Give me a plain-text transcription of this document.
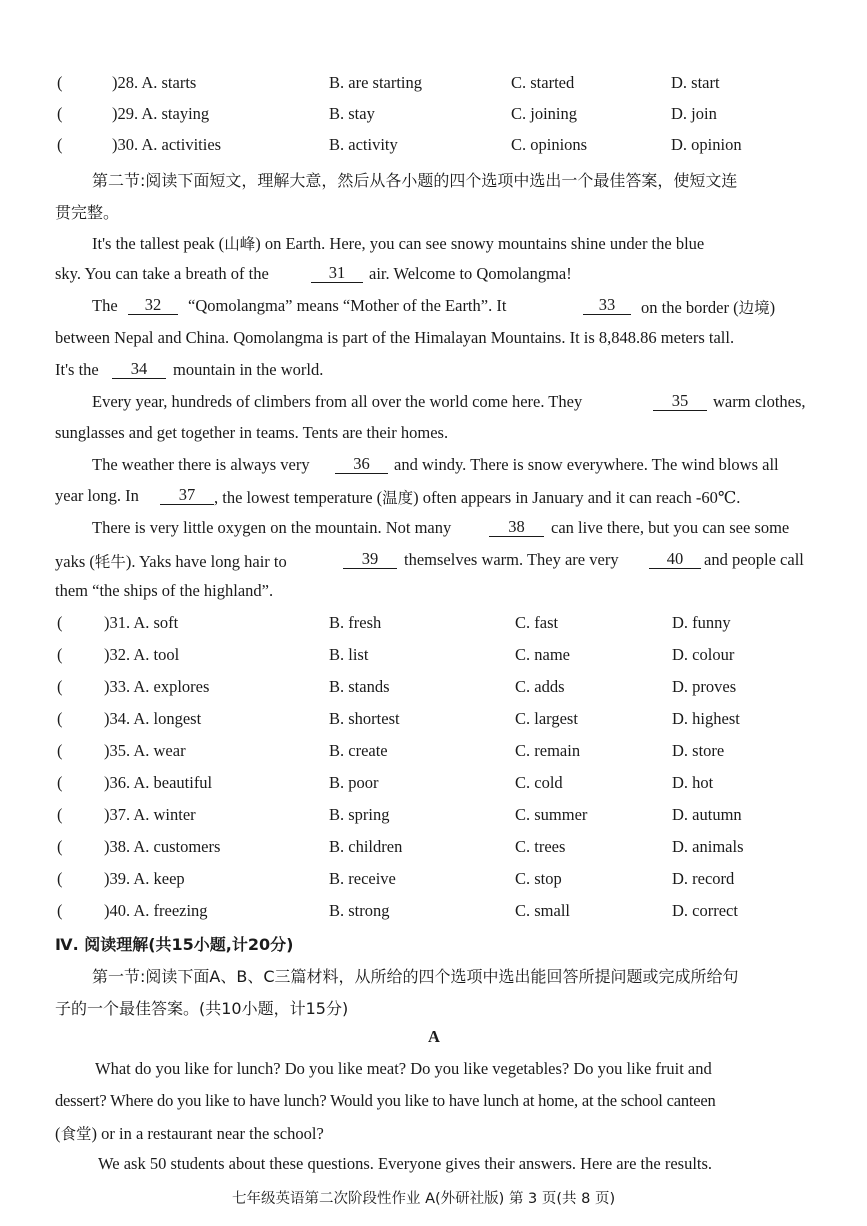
(	)28. A. starts	B. are starting	C. started	D. start
(	)29. A. staying	B. stay	C. joining	D. join
(	)30. A. activities	B. activity	C. opinions	D. opinion
第二节:阅读下面短文，理解大意，然后从各小题的四个选项中选出一个最佳答案，使短文连
贯完整。
It's the tallest peak (山峰) on Earth. Here, you can see snowy mountains shine under the blue
sky. You can take a breath of the	31	air. Welcome to Qomolangma!
The	32	“Qomolangma” means “Mother of the Earth”. It	33	on the border (边境)
between Nepal and China. Qomolangma is part of the Himalayan Mountains. It is 8,848.86 meters tall.
It's the	34	mountain in the world.
Every year, hundreds of climbers from all over the world come here. They	35	warm clothes,
sunglasses and get together in teams. Tents are their homes.
The weather there is always very	36	and windy. There is snow everywhere. The wind blows all
year long. In	37	, the lowest temperature (温度) often appears in January and it can reach -60℃.
There is very little oxygen on the mountain. Not many	38	can live there, but you can see some
yaks (牦牛). Yaks have long hair to	39	themselves warm. They are very	40	and people call
them “the ships of the highland”.
(	)31. A. soft	B. fresh	C. fast	D. funny
(	)32. A. tool	B. list	C. name	D. colour
(	)33. A. explores	B. stands	C. adds	D. proves
(	)34. A. longest	B. shortest	C. largest	D. highest
(	)35. A. wear	B. create	C. remain	D. store
(	)36. A. beautiful	B. poor	C. cold	D. hot
(	)37. A. winter	B. spring	C. summer	D. autumn
(	)38. A. customers	B. children	C. trees	D. animals
(	)39. A. keep	B. receive	C. stop	D. record
(	)40. A. freezing	B. strong	C. small	D. correct
Ⅳ. 阅读理解(共15小题,计20分)
第一节:阅读下面A、B、C三篇材料，从所给的四个选项中选出能回答所提问题或完成所给句
子的一个最佳答案。(共10小题，计15分)
A
What do you like for lunch? Do you like meat? Do you like vegetables? Do you like fruit and
dessert? Where do you like to have lunch? Would you like to have lunch at home, at the school canteen
(食堂) or in a restaurant near the school?
We ask 50 students about these questions. Everyone gives their answers. Here are the results.
七年级英语第二次阶段性作业 A(外研社版) 第 3 页(共 8 页)
